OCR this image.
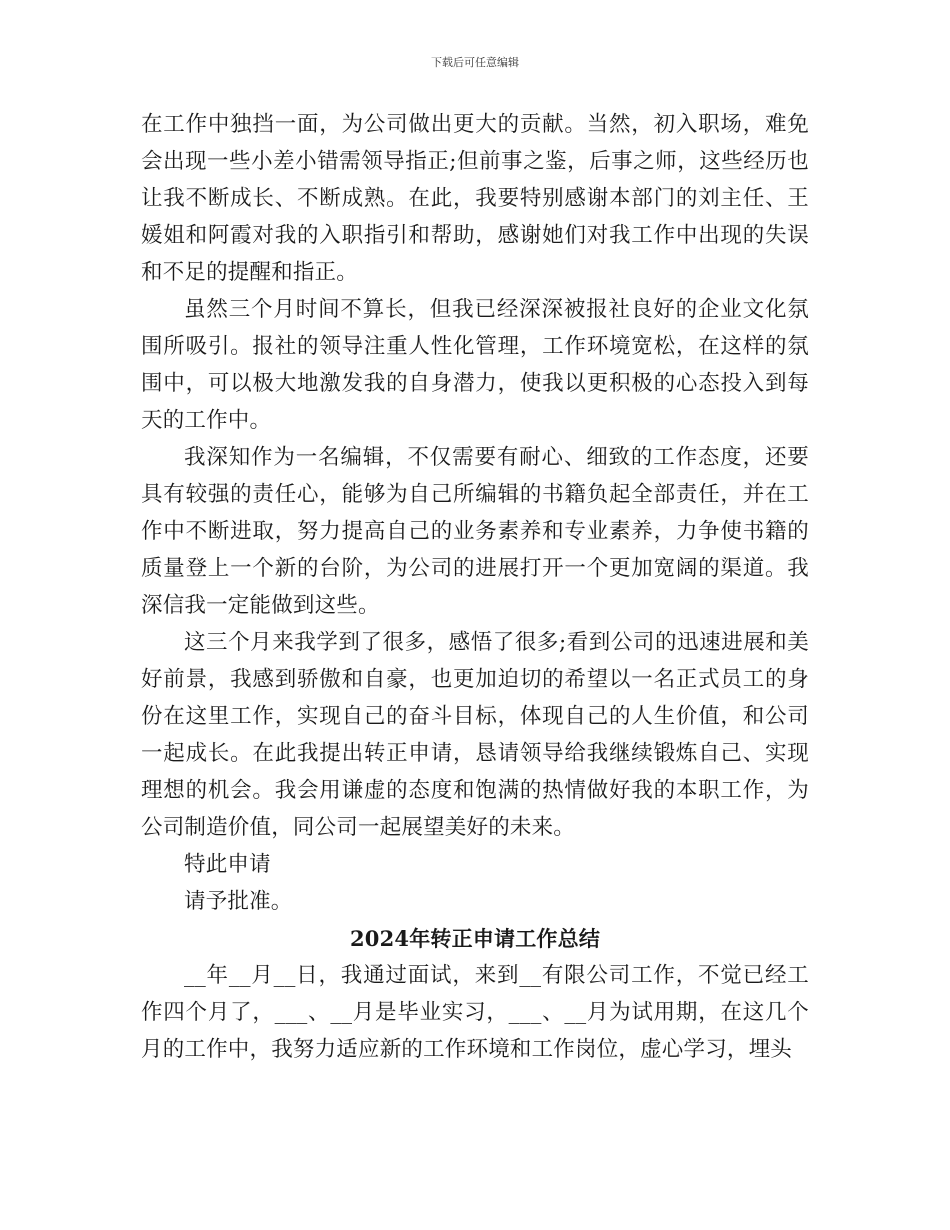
下载后可任意编辑

在工作中独挡一面，为公司做出更大的贡献。当然，初入职场，难免会出现一些小差小错需领导指正;但前事之鉴，后事之师，这些经历也让我不断成长、不断成熟。在此，我要特别感谢本部门的刘主任、王媛姐和阿霞对我的入职指引和帮助，感谢她们对我工作中出现的失误和不足的提醒和指正。

虽然三个月时间不算长，但我已经深深被报社良好的企业文化氛围所吸引。报社的领导注重人性化管理，工作环境宽松，在这样的氛围中，可以极大地激发我的自身潜力，使我以更积极的心态投入到每天的工作中。

我深知作为一名编辑，不仅需要有耐心、细致的工作态度，还要具有较强的责任心，能够为自己所编辑的书籍负起全部责任，并在工作中不断进取，努力提高自己的业务素养和专业素养，力争使书籍的质量登上一个新的台阶，为公司的进展打开一个更加宽阔的渠道。我深信我一定能做到这些。

这三个月来我学到了很多，感悟了很多;看到公司的迅速进展和美好前景，我感到骄傲和自豪，也更加迫切的希望以一名正式员工的身份在这里工作，实现自己的奋斗目标，体现自己的人生价值，和公司一起成长。在此我提出转正申请，恳请领导给我继续锻炼自己、实现理想的机会。我会用谦虚的态度和饱满的热情做好我的本职工作，为公司制造价值，同公司一起展望美好的未来。

特此申请

请予批准。

2024年转正申请工作总结

__年__月__日，我通过面试，来到__有限公司工作，不觉已经工作四个月了，___、__月是毕业实习，___、__月为试用期，在这几个月的工作中，我努力适应新的工作环境和工作岗位，虚心学习，埋头
